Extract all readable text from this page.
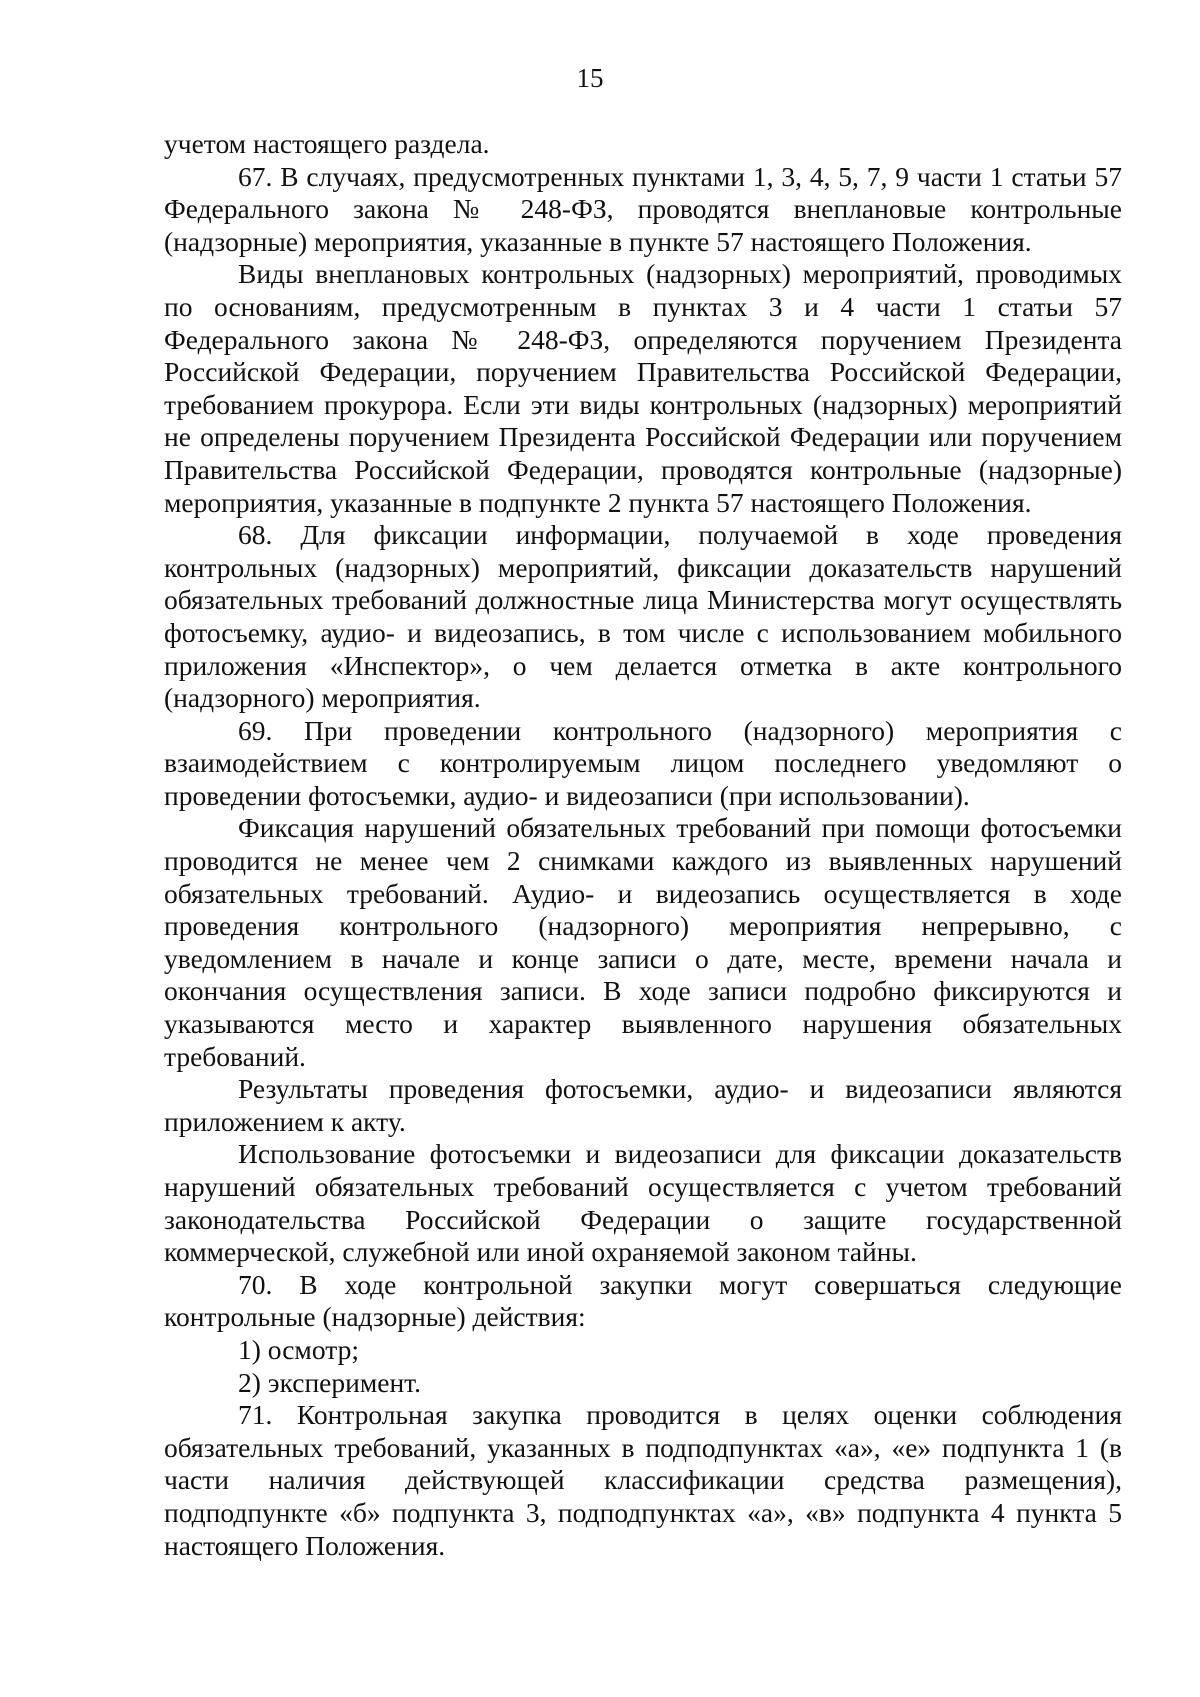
15

учетом настоящего раздела.

67. В случаях, предусмотренных пунктами 1, 3, 4, 5, 7, 9 части 1 статьи 57 Федерального закона № 248-ФЗ, проводятся внеплановые контрольные (надзорные) мероприятия, указанные в пункте 57 настоящего Положения.

Виды внеплановых контрольных (надзорных) мероприятий, проводимых по основаниям, предусмотренным в пунктах 3 и 4 части 1 статьи 57 Федерального закона № 248-ФЗ, определяются поручением Президента Российской Федерации, поручением Правительства Российской Федерации, требованием прокурора. Если эти виды контрольных (надзорных) мероприятий не определены поручением Президента Российской Федерации или поручением Правительства Российской Федерации, проводятся контрольные (надзорные) мероприятия, указанные в подпункте 2 пункта 57 настоящего Положения.

68. Для фиксации информации, получаемой в ходе проведения контрольных (надзорных) мероприятий, фиксации доказательств нарушений обязательных требований должностные лица Министерства могут осуществлять фотосъемку, аудио- и видеозапись, в том числе с использованием мобильного приложения «Инспектор», о чем делается отметка в акте контрольного (надзорного) мероприятия.

69. При проведении контрольного (надзорного) мероприятия с взаимодействием с контролируемым лицом последнего уведомляют о проведении фотосъемки, аудио- и видеозаписи (при использовании).

Фиксация нарушений обязательных требований при помощи фотосъемки проводится не менее чем 2 снимками каждого из выявленных нарушений обязательных требований. Аудио- и видеозапись осуществляется в ходе проведения контрольного (надзорного) мероприятия непрерывно, с уведомлением в начале и конце записи о дате, месте, времени начала и окончания осуществления записи. В ходе записи подробно фиксируются и указываются место и характер выявленного нарушения обязательных требований.

Результаты проведения фотосъемки, аудио- и видеозаписи являются приложением к акту.

Использование фотосъемки и видеозаписи для фиксации доказательств нарушений обязательных требований осуществляется с учетом требований законодательства Российской Федерации о защите государственной коммерческой, служебной или иной охраняемой законом тайны.

70. В ходе контрольной закупки могут совершаться следующие контрольные (надзорные) действия:

1) осмотр;

2) эксперимент.

71. Контрольная закупка проводится в целях оценки соблюдения обязательных требований, указанных в подподпунктах «а», «е» подпункта 1 (в части наличия действующей классификации средства размещения), подподпункте «б» подпункта 3, подподпунктах «а», «в» подпункта 4 пункта 5 настоящего Положения.
